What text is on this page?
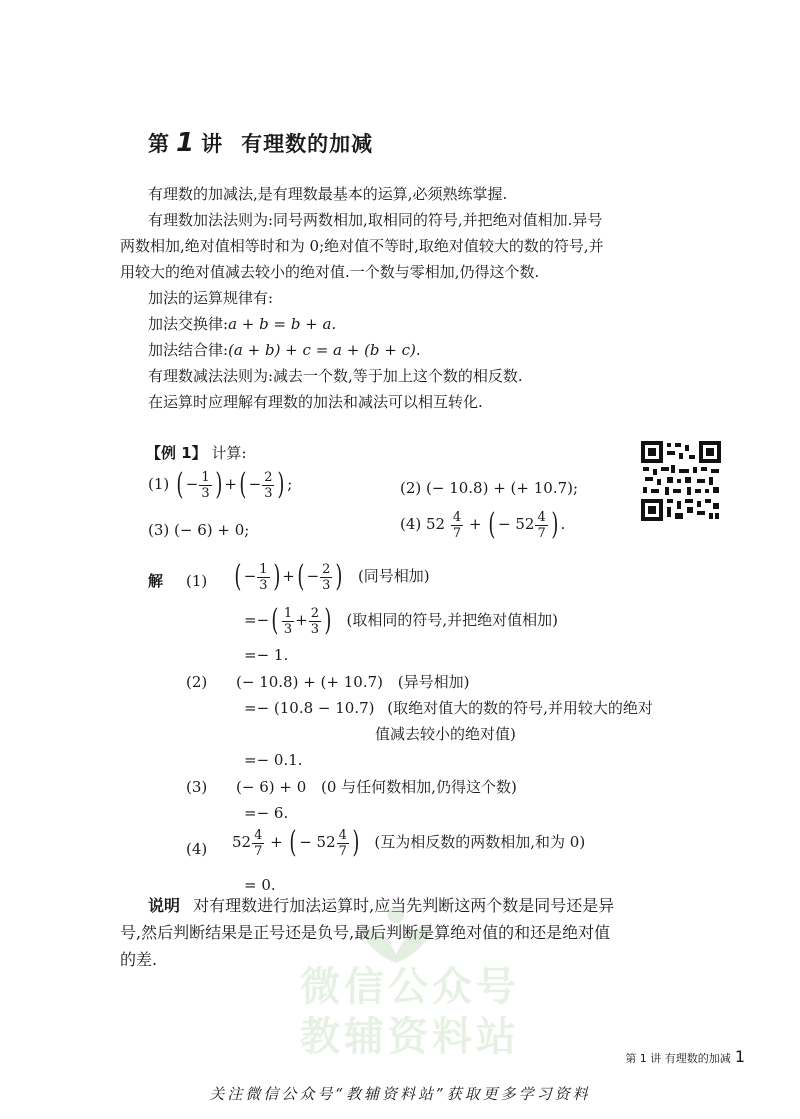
微信公众号
教辅资料站
第 1 讲 有理数的加减
有理数的加减法,是有理数最基本的运算,必须熟练掌握.
有理数加法法则为:同号两数相加,取相同的符号,并把绝对值相加.异号
两数相加,绝对值相等时和为 0;绝对值不等时,取绝对值较大的数的符号,并
用较大的绝对值减去较小的绝对值.一个数与零相加,仍得这个数.
加法的运算规律有:
加法交换律:a + b = b + a.
加法结合律:(a + b) + c = a + (b + c).
有理数减法法则为:减去一个数,等于加上这个数的相反数.
在运算时应理解有理数的加法和减法可以相互转化.
【例 1】 计算:
(1) ( − $\frac{1}{3}$ ) +( − $\frac{2}{3}$ ) ;	(2) (− 10.8) + (+ 10.7);
(3) (− 6) + 0;	(4) $52 \frac{4}{7}$ + ( − $52 \frac{4}{7}$ ) .
解 (1) ( − $\frac{1}{3}$ ) +( − $\frac{2}{3}$ ) (同号相加)
=−( $\frac{1}{3} + \frac{2}{3}$ ) (取相同的符号,并把绝对值相加)
=− 1.
(2) (− 10.8) + (+ 10.7) (异号相加)
=− (10.8 − 10.7) (取绝对值大的数的符号,并用较大的绝对
值减去较小的绝对值)
=− 0.1.
(3) (− 6) + 0 (0 与任何数相加,仍得这个数)
=− 6.
(4) $52 \frac{4}{7}$ + ( − $52 \frac{4}{7}$ ) (互为相反数的两数相加,和为 0)
= 0.
说明 对有理数进行加法运算时,应当先判断这两个数是同号还是异
号,然后判断结果是正号还是负号,最后判断是算绝对值的和还是绝对值
的差.
第 1 讲 有理数的加减 1
关注微信公众号“教辅资料站”获取更多学习资料
